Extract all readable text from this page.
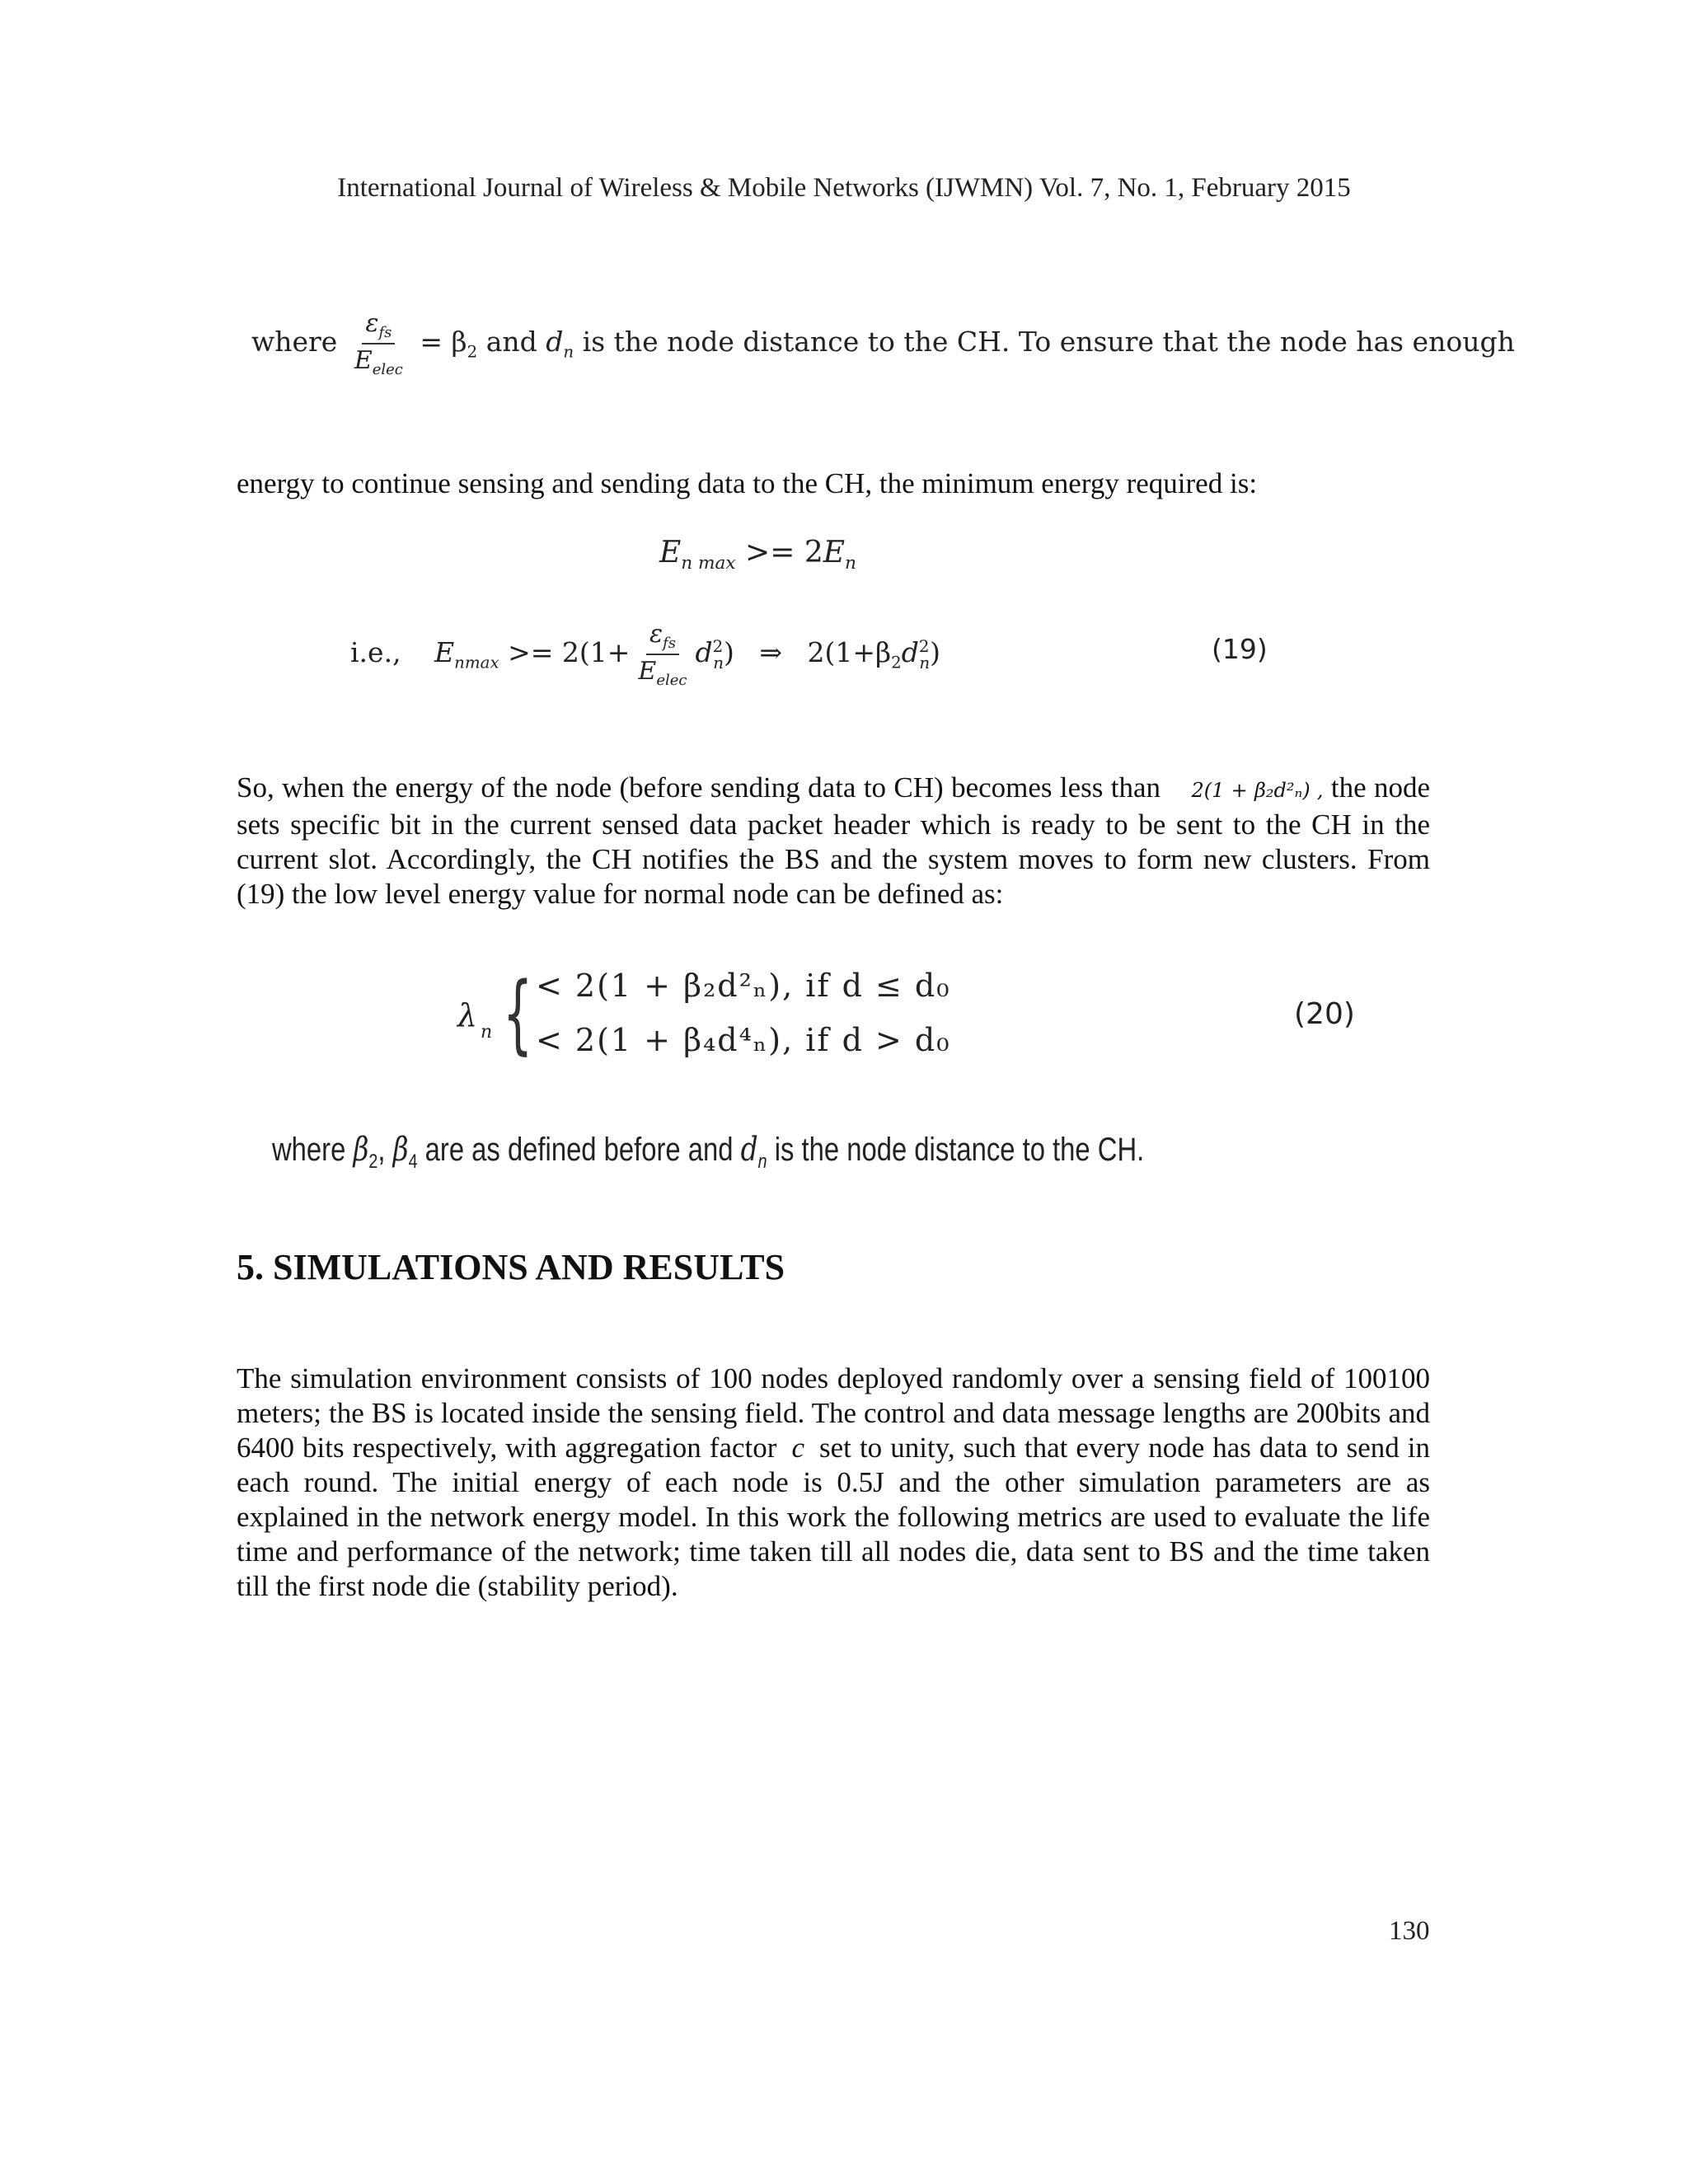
International Journal of Wireless & Mobile Networks (IJWMN) Vol. 7, No. 1, February 2015
where $\frac{\varepsilon_{fs}}{E_{elec}} = \beta_2$ and $d_n$ is the node distance to the CH. To ensure that the node has enough
energy to continue sensing and sending data to the CH, the minimum energy required is:
$E_{n max} >= 2E_n$
i.e., $E_{nmax} >= 2(1+ \frac{\varepsilon_{fs}}{E_{elec}} d^2_n)$ ⇒ $2(1+\beta_2d^2_n)$	(19)
So, when the energy of the node (before sending data to CH) becomes less than 2(1 + β₂d²ₙ) , the node sets specific bit in the current sensed data packet header which is ready to be sent to the CH in the current slot. Accordingly, the CH notifies the BS and the system moves to form new clusters. From (19) the low level energy value for normal node can be defined as:
λ n { < 2(1 + β₂d²ₙ), if d ≤ d₀
< 2(1 + β₄d⁴ₙ), if d > d₀
(20)
where $\beta_2$, $\beta_4$ are as defined before and $d_n$ is the node distance to the CH.
5. SIMULATIONS AND RESULTS
The simulation environment consists of 100 nodes deployed randomly over a sensing field of 100100 meters; the BS is located inside the sensing field. The control and data message lengths are 200bits and 6400 bits respectively, with aggregation factor c set to unity, such that every node has data to send in each round. The initial energy of each node is 0.5J and the other simulation parameters are as explained in the network energy model. In this work the following metrics are used to evaluate the life time and performance of the network; time taken till all nodes die, data sent to BS and the time taken till the first node die (stability period).
130
